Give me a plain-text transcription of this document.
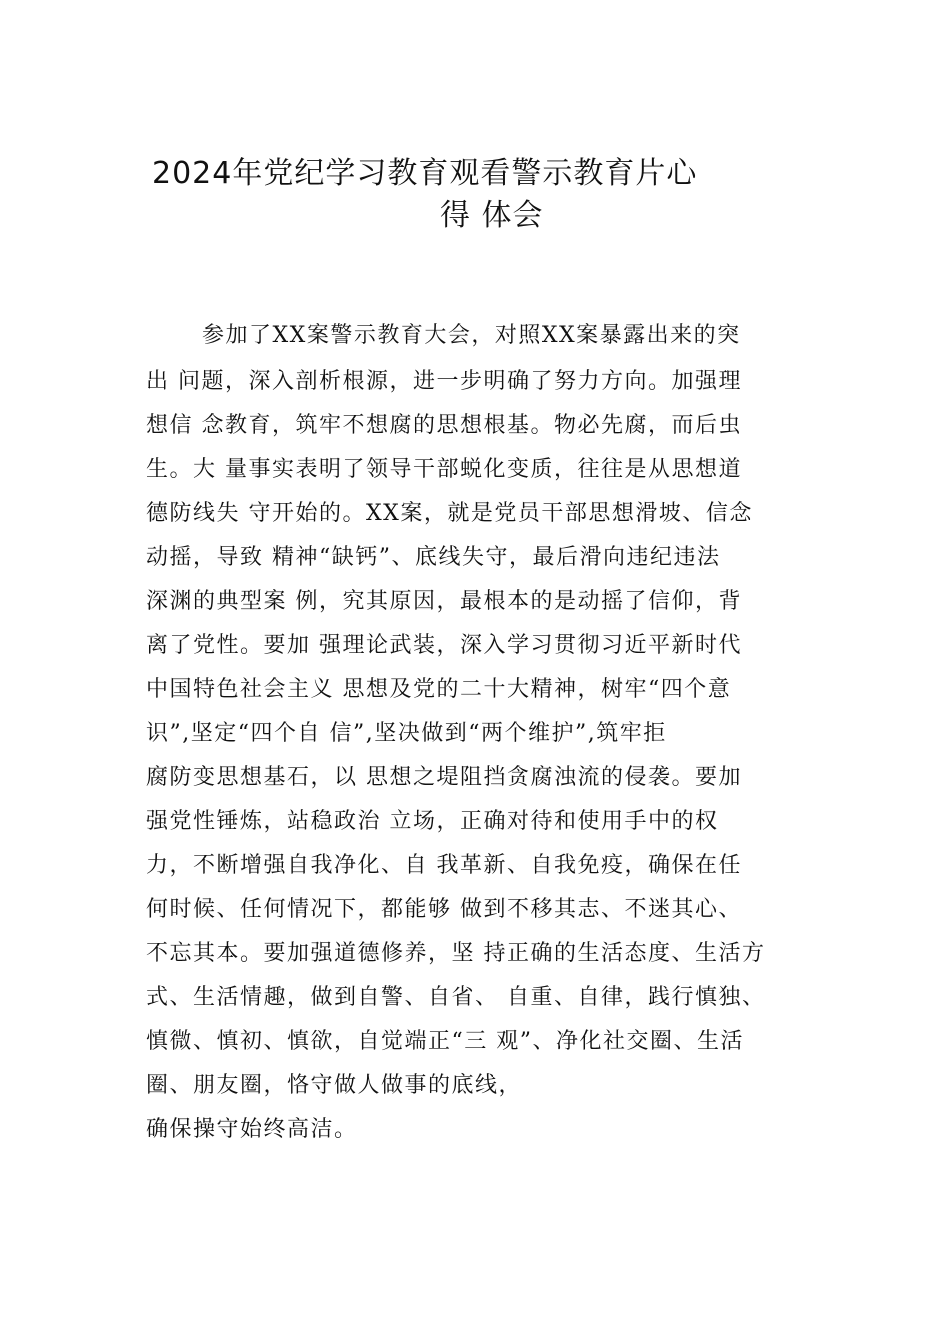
2024年党纪学习教育观看警示教育片心
得 体会
参加了XX案警示教育大会，对照XX案暴露出来的突
出 问题，深入剖析根源，进一步明确了努力方向。加强理
想信 念教育，筑牢不想腐的思想根基。物必先腐，而后虫
生。大 量事实表明了领导干部蜕化变质，往往是从思想道
德防线失 守开始的。XX案，就是党员干部思想滑坡、信念
动摇，导致 精神“缺钙”、底线失守，最后滑向违纪违法
深渊的典型案 例，究其原因，最根本的是动摇了信仰，背
离了党性。要加 强理论武装，深入学习贯彻习近平新时代
中国特色社会主义 思想及党的二十大精神，树牢“四个意
识”,坚定“四个自 信”,坚决做到“两个维护”,筑牢拒
腐防变思想基石，以 思想之堤阻挡贪腐浊流的侵袭。要加
强党性锤炼，站稳政治 立场，正确对待和使用手中的权
力，不断增强自我净化、自 我革新、自我免疫，确保在任
何时候、任何情况下，都能够 做到不移其志、不迷其心、
不忘其本。要加强道德修养，坚 持正确的生活态度、生活方
式、生活情趣，做到自警、自省、 自重、自律，践行慎独、
慎微、慎初、慎欲，自觉端正“三 观”、净化社交圈、生活
圈、朋友圈，恪守做人做事的底线，
确保操守始终高洁。
